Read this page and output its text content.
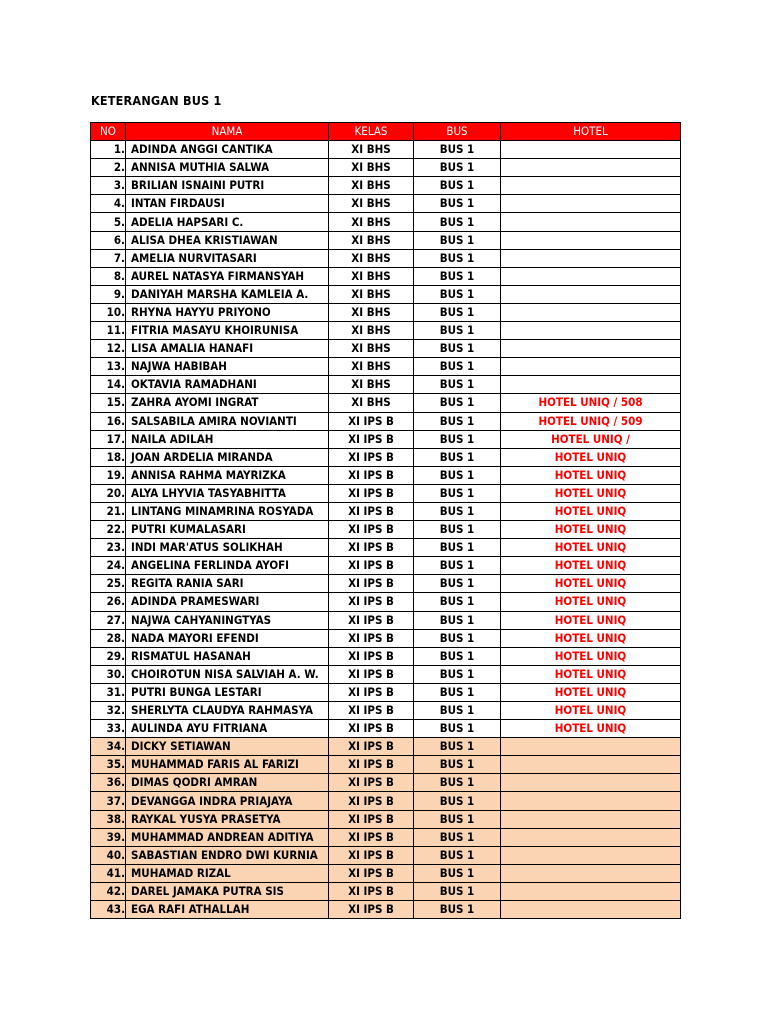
KETERANGAN BUS 1
NO	NAMA	KELAS	BUS	HOTEL
1.	ADINDA ANGGI CANTIKA	XI BHS	BUS 1	
2.	ANNISA MUTHIA SALWA	XI BHS	BUS 1	
3.	BRILIAN ISNAINI PUTRI	XI BHS	BUS 1	
4.	INTAN FIRDAUSI	XI BHS	BUS 1	
5.	ADELIA HAPSARI C.	XI BHS	BUS 1	
6.	ALISA DHEA KRISTIAWAN	XI BHS	BUS 1	
7.	AMELIA NURVITASARI	XI BHS	BUS 1	
8.	AUREL NATASYA FIRMANSYAH	XI BHS	BUS 1	
9.	DANIYAH MARSHA KAMLEIA A.	XI BHS	BUS 1	
10.	RHYNA HAYYU PRIYONO	XI BHS	BUS 1	
11.	FITRIA MASAYU KHOIRUNISA	XI BHS	BUS 1	
12.	LISA AMALIA HANAFI	XI BHS	BUS 1	
13.	NAJWA HABIBAH	XI BHS	BUS 1	
14.	OKTAVIA RAMADHANI	XI BHS	BUS 1	
15.	ZAHRA AYOMI INGRAT	XI BHS	BUS 1	HOTEL UNIQ / 508
16.	SALSABILA AMIRA NOVIANTI	XI IPS B	BUS 1	HOTEL UNIQ / 509
17.	NAILA ADILAH	XI IPS B	BUS 1	HOTEL UNIQ /
18.	JOAN ARDELIA MIRANDA	XI IPS B	BUS 1	HOTEL UNIQ
19.	ANNISA RAHMA MAYRIZKA	XI IPS B	BUS 1	HOTEL UNIQ
20.	ALYA LHYVIA TASYABHITTA	XI IPS B	BUS 1	HOTEL UNIQ
21.	LINTANG MINAMRINA ROSYADA	XI IPS B	BUS 1	HOTEL UNIQ
22.	PUTRI KUMALASARI	XI IPS B	BUS 1	HOTEL UNIQ
23.	INDI MAR'ATUS SOLIKHAH	XI IPS B	BUS 1	HOTEL UNIQ
24.	ANGELINA FERLINDA AYOFI	XI IPS B	BUS 1	HOTEL UNIQ
25.	REGITA RANIA SARI	XI IPS B	BUS 1	HOTEL UNIQ
26.	ADINDA PRAMESWARI	XI IPS B	BUS 1	HOTEL UNIQ
27.	NAJWA CAHYANINGTYAS	XI IPS B	BUS 1	HOTEL UNIQ
28.	NADA MAYORI EFENDI	XI IPS B	BUS 1	HOTEL UNIQ
29.	RISMATUL HASANAH	XI IPS B	BUS 1	HOTEL UNIQ
30.	CHOIROTUN NISA SALVIAH A. W.	XI IPS B	BUS 1	HOTEL UNIQ
31.	PUTRI BUNGA LESTARI	XI IPS B	BUS 1	HOTEL UNIQ
32.	SHERLYTA CLAUDYA RAHMASYA	XI IPS B	BUS 1	HOTEL UNIQ
33.	AULINDA AYU FITRIANA	XI IPS B	BUS 1	HOTEL UNIQ
34.	DICKY SETIAWAN	XI IPS B	BUS 1	
35.	MUHAMMAD FARIS AL FARIZI	XI IPS B	BUS 1	
36.	DIMAS QODRI AMRAN	XI IPS B	BUS 1	
37.	DEVANGGA INDRA PRIAJAYA	XI IPS B	BUS 1	
38.	RAYKAL YUSYA PRASETYA	XI IPS B	BUS 1	
39.	MUHAMMAD ANDREAN ADITIYA	XI IPS B	BUS 1	
40.	SABASTIAN ENDRO DWI KURNIA	XI IPS B	BUS 1	
41.	MUHAMAD RIZAL	XI IPS B	BUS 1	
42.	DAREL JAMAKA PUTRA SIS	XI IPS B	BUS 1	
43.	EGA RAFI ATHALLAH	XI IPS B	BUS 1	
